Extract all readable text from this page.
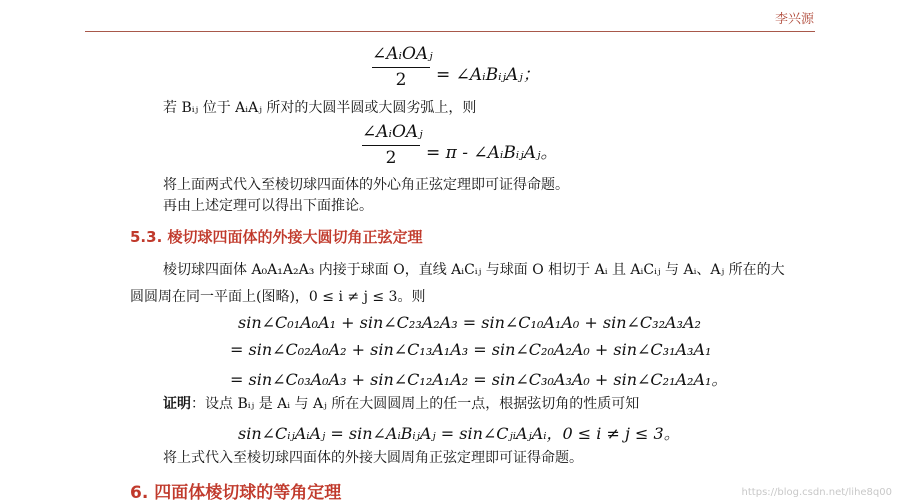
李兴源
∠AᵢOAⱼ
2	= ∠AᵢBᵢⱼAⱼ；
若 Bᵢⱼ 位于 AᵢAⱼ 所对的大圆半圆或大圆劣弧上，则
∠AᵢOAⱼ
2	= π - ∠AᵢBᵢⱼAⱼ。
将上面两式代入至棱切球四面体的外心角正弦定理即可证得命题。
再由上述定理可以得出下面推论。
5.3. 棱切球四面体的外接大圆切角正弦定理
棱切球四面体 A₀A₁A₂A₃ 内接于球面 O，直线 AᵢCᵢⱼ 与球面 O 相切于 Aᵢ 且 AᵢCᵢⱼ 与 Aᵢ、Aⱼ 所在的大
圆圆周在同一平面上(图略)，0 ≤ i ≠ j ≤ 3。则
sin∠C₀₁A₀A₁ + sin∠C₂₃A₂A₃ = sin∠C₁₀A₁A₀ + sin∠C₃₂A₃A₂
= sin∠C₀₂A₀A₂ + sin∠C₁₃A₁A₃ = sin∠C₂₀A₂A₀ + sin∠C₃₁A₃A₁
= sin∠C₀₃A₀A₃ + sin∠C₁₂A₁A₂ = sin∠C₃₀A₃A₀ + sin∠C₂₁A₂A₁。
证明：设点 Bᵢⱼ 是 Aᵢ 与 Aⱼ 所在大圆圆周上的任一点，根据弦切角的性质可知
sin∠CᵢⱼAᵢAⱼ = sin∠AᵢBᵢⱼAⱼ = sin∠CⱼᵢAⱼAᵢ，0 ≤ i ≠ j ≤ 3。
将上式代入至棱切球四面体的外接大圆周角正弦定理即可证得命题。
6. 四面体棱切球的等角定理	https://blog.csdn.net/lihe8q00
